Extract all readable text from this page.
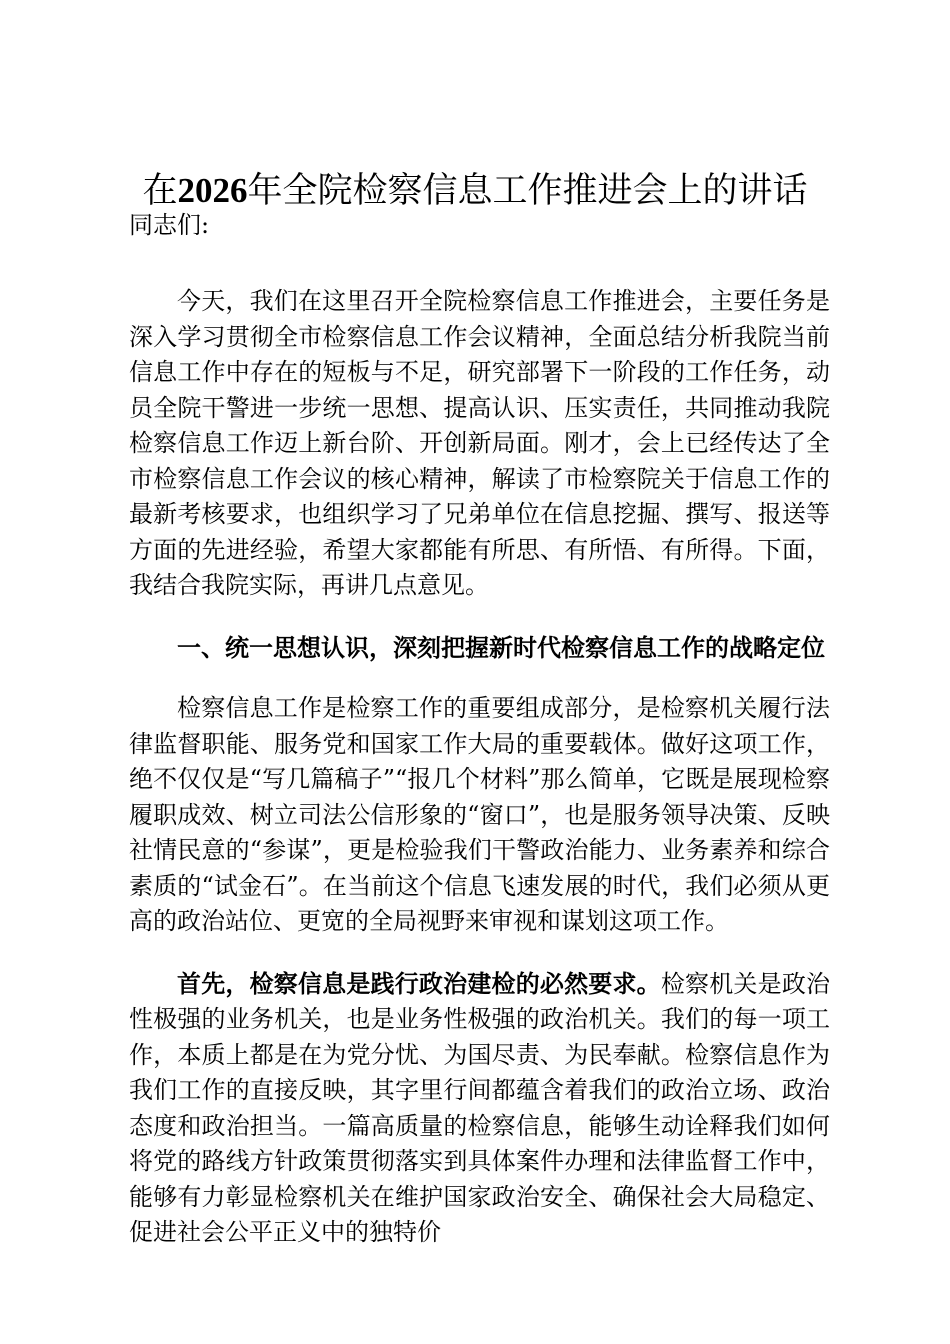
在2026年全院检察信息工作推进会上的讲话
同志们:

今天，我们在这里召开全院检察信息工作推进会，主要任务是深入学习贯彻全市检察信息工作会议精神，全面总结分析我院当前信息工作中存在的短板与不足，研究部署下一阶段的工作任务，动员全院干警进一步统一思想、提高认识、压实责任，共同推动我院检察信息工作迈上新台阶、开创新局面。刚才，会上已经传达了全市检察信息工作会议的核心精神，解读了市检察院关于信息工作的最新考核要求，也组织学习了兄弟单位在信息挖掘、撰写、报送等方面的先进经验，希望大家都能有所思、有所悟、有所得。下面，我结合我院实际，再讲几点意见。

一、统一思想认识，深刻把握新时代检察信息工作的战略定位

检察信息工作是检察工作的重要组成部分，是检察机关履行法律监督职能、服务党和国家工作大局的重要载体。做好这项工作，绝不仅仅是“写几篇稿子”“报几个材料”那么简单，它既是展现检察履职成效、树立司法公信形象的“窗口”，也是服务领导决策、反映社情民意的“参谋”，更是检验我们干警政治能力、业务素养和综合素质的“试金石”。在当前这个信息飞速发展的时代，我们必须从更高的政治站位、更宽的全局视野来审视和谋划这项工作。

首先，检察信息是践行政治建检的必然要求。检察机关是政治性极强的业务机关，也是业务性极强的政治机关。我们的每一项工作，本质上都是在为党分忧、为国尽责、为民奉献。检察信息作为我们工作的直接反映，其字里行间都蕴含着我们的政治立场、政治态度和政治担当。一篇高质量的检察信息，能够生动诠释我们如何将党的路线方针政策贯彻落实到具体案件办理和法律监督工作中，能够有力彰显检察机关在维护国家政治安全、确保社会大局稳定、促进社会公平正义中的独特价
